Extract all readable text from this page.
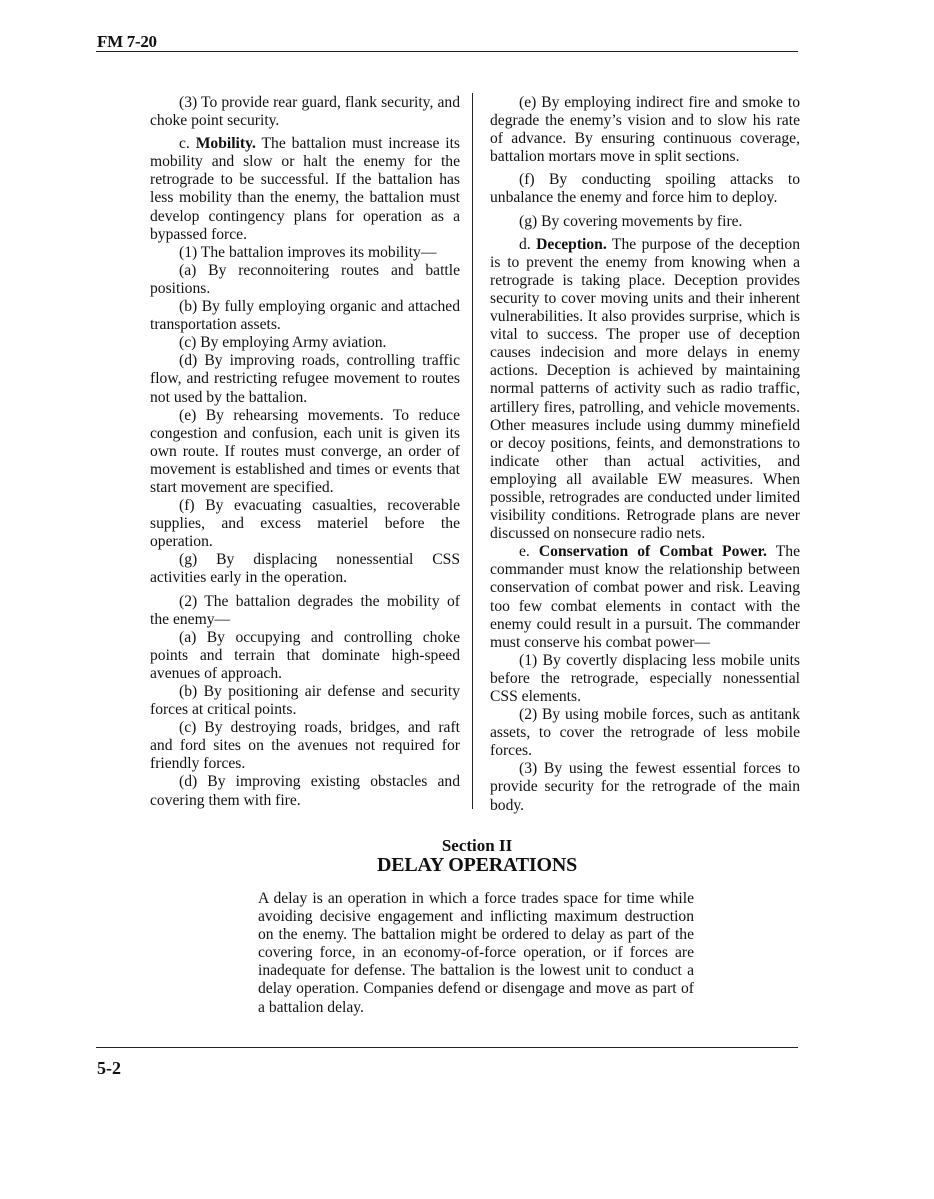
FM 7-20

(3) To provide rear guard, flank security, and choke point security.

c. Mobility. The battalion must increase its mobility and slow or halt the enemy for the retrograde to be successful. If the battalion has less mobility than the enemy, the battalion must develop contingency plans for operation as a bypassed force.

(1) The battalion improves its mobility—

(a) By reconnoitering routes and battle positions.

(b) By fully employing organic and attached transportation assets.

(c) By employing Army aviation.

(d) By improving roads, controlling traffic flow, and restricting refugee movement to routes not used by the battalion.

(e) By rehearsing movements. To reduce congestion and confusion, each unit is given its own route. If routes must converge, an order of movement is established and times or events that start movement are specified.

(f) By evacuating casualties, recoverable supplies, and excess materiel before the operation.

(g) By displacing nonessential CSS activities early in the operation.

(2) The battalion degrades the mobility of the enemy—

(a) By occupying and controlling choke points and terrain that dominate high-speed avenues of approach.

(b) By positioning air defense and security forces at critical points.

(c) By destroying roads, bridges, and raft and ford sites on the avenues not required for friendly forces.

(d) By improving existing obstacles and covering them with fire.

(e) By employing indirect fire and smoke to degrade the enemy’s vision and to slow his rate of advance. By ensuring continuous coverage, battalion mortars move in split sections.

(f) By conducting spoiling attacks to unbalance the enemy and force him to deploy.

(g) By covering movements by fire.

d. Deception. The purpose of the deception is to prevent the enemy from knowing when a retrograde is taking place. Deception provides security to cover moving units and their inherent vulnerabilities. It also provides surprise, which is vital to success. The proper use of deception causes indecision and more delays in enemy actions. Deception is achieved by maintaining normal patterns of activity such as radio traffic, artillery fires, patrolling, and vehicle movements. Other measures include using dummy minefield or decoy positions, feints, and demonstrations to indicate other than actual activities, and employing all available EW measures. When possible, retrogrades are conducted under limited visibility conditions. Retrograde plans are never discussed on nonsecure radio nets.

e. Conservation of Combat Power. The commander must know the relationship between conservation of combat power and risk. Leaving too few combat elements in contact with the enemy could result in a pursuit. The commander must conserve his combat power—

(1) By covertly displacing less mobile units before the retrograde, especially nonessential CSS elements.

(2) By using mobile forces, such as antitank assets, to cover the retrograde of less mobile forces.

(3) By using the fewest essential forces to provide security for the retrograde of the main body.

Section II
DELAY OPERATIONS

A delay is an operation in which a force trades space for time while avoiding decisive engagement and inflicting maximum destruction on the enemy. The battalion might be ordered to delay as part of the covering force, in an economy-of-force operation, or if forces are inadequate for defense. The battalion is the lowest unit to conduct a delay operation. Companies defend or disengage and move as part of a battalion delay.

5-2
